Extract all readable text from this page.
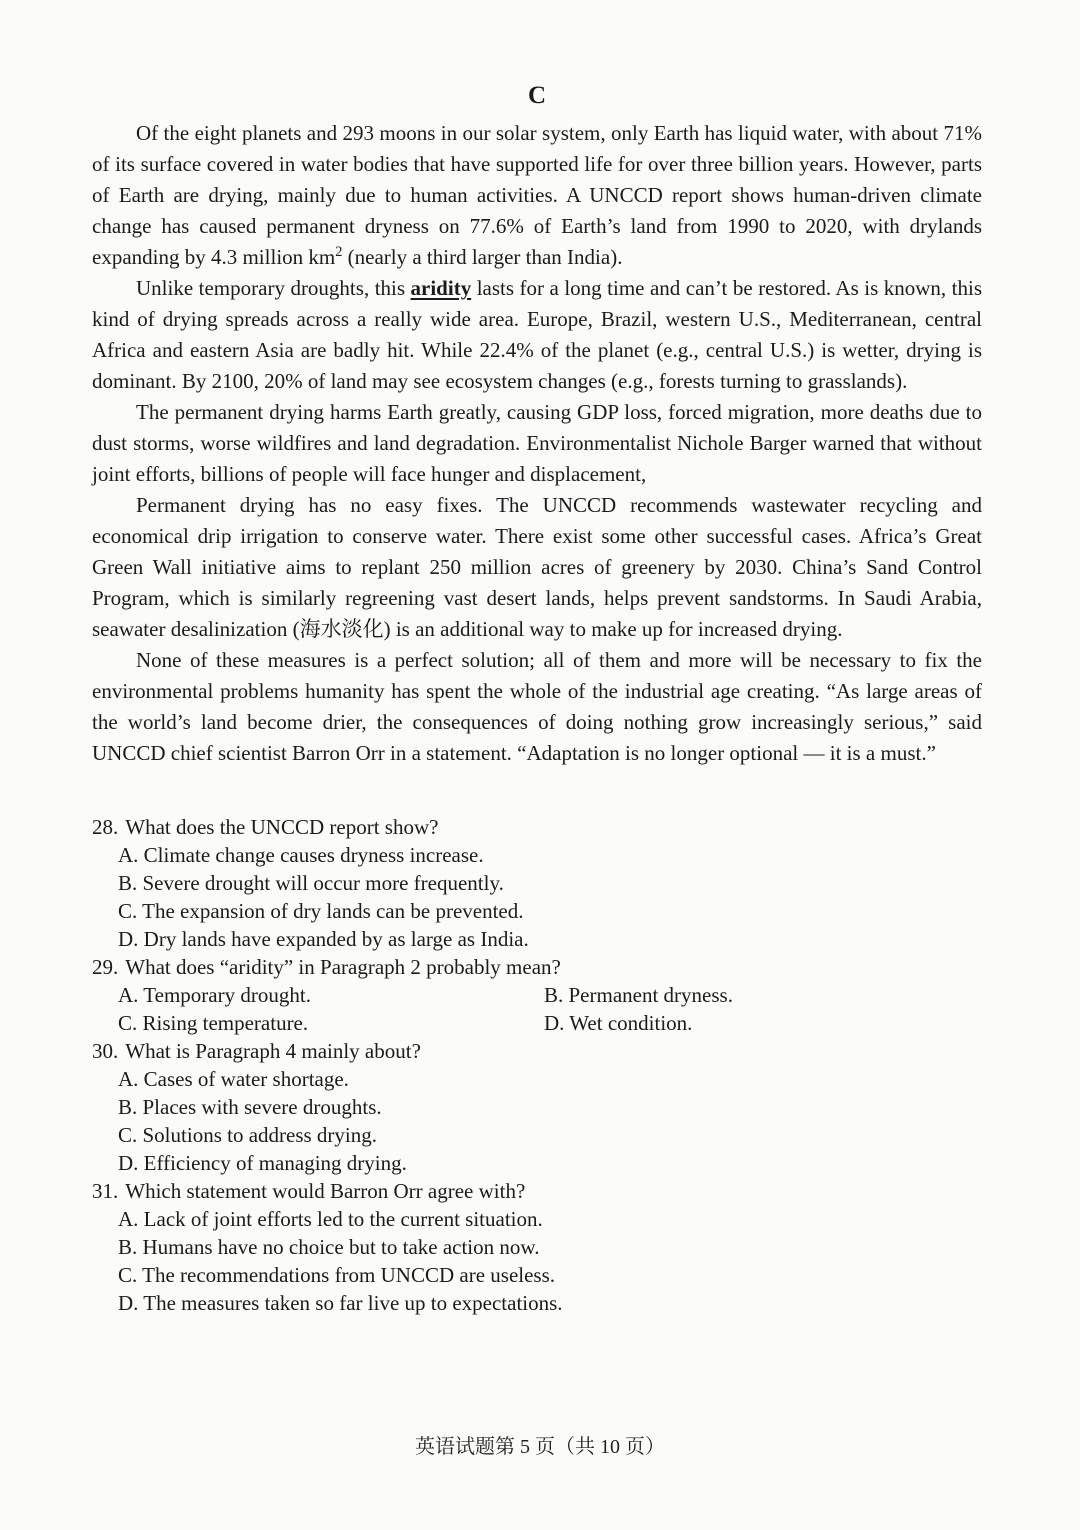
C

Of the eight planets and 293 moons in our solar system, only Earth has liquid water, with about 71% of its surface covered in water bodies that have supported life for over three billion years. However, parts of Earth are drying, mainly due to human activities. A UNCCD report shows human-driven climate change has caused permanent dryness on 77.6% of Earth’s land from 1990 to 2020, with drylands expanding by 4.3 million $km^2$ (nearly a third larger than India).

Unlike temporary droughts, this aridity lasts for a long time and can’t be restored. As is known, this kind of drying spreads across a really wide area. Europe, Brazil, western U.S., Mediterranean, central Africa and eastern Asia are badly hit. While 22.4% of the planet (e.g., central U.S.) is wetter, drying is dominant. By 2100, 20% of land may see ecosystem changes (e.g., forests turning to grasslands).

The permanent drying harms Earth greatly, causing GDP loss, forced migration, more deaths due to dust storms, worse wildfires and land degradation. Environmentalist Nichole Barger warned that without joint efforts, billions of people will face hunger and displacement,

Permanent drying has no easy fixes. The UNCCD recommends wastewater recycling and economical drip irrigation to conserve water. There exist some other successful cases. Africa’s Great Green Wall initiative aims to replant 250 million acres of greenery by 2030. China’s Sand Control Program, which is similarly regreening vast desert lands, helps prevent sandstorms. In Saudi Arabia, seawater desalinization (海水淡化) is an additional way to make up for increased drying.

None of these measures is a perfect solution; all of them and more will be necessary to fix the environmental problems humanity has spent the whole of the industrial age creating. “As large areas of the world’s land become drier, the consequences of doing nothing grow increasingly serious,” said UNCCD chief scientist Barron Orr in a statement. “Adaptation is no longer optional — it is a must.”

28. What does the UNCCD report show?
A. Climate change causes dryness increase.
B. Severe drought will occur more frequently.
C. The expansion of dry lands can be prevented.
D. Dry lands have expanded by as large as India.
29. What does “aridity” in Paragraph 2 probably mean?
A. Temporary drought.	B. Permanent dryness.
C. Rising temperature.	D. Wet condition.
30. What is Paragraph 4 mainly about?
A. Cases of water shortage.
B. Places with severe droughts.
C. Solutions to address drying.
D. Efficiency of managing drying.
31. Which statement would Barron Orr agree with?
A. Lack of joint efforts led to the current situation.
B. Humans have no choice but to take action now.
C. The recommendations from UNCCD are useless.
D. The measures taken so far live up to expectations.
英语试题第 5 页（共 10 页）
